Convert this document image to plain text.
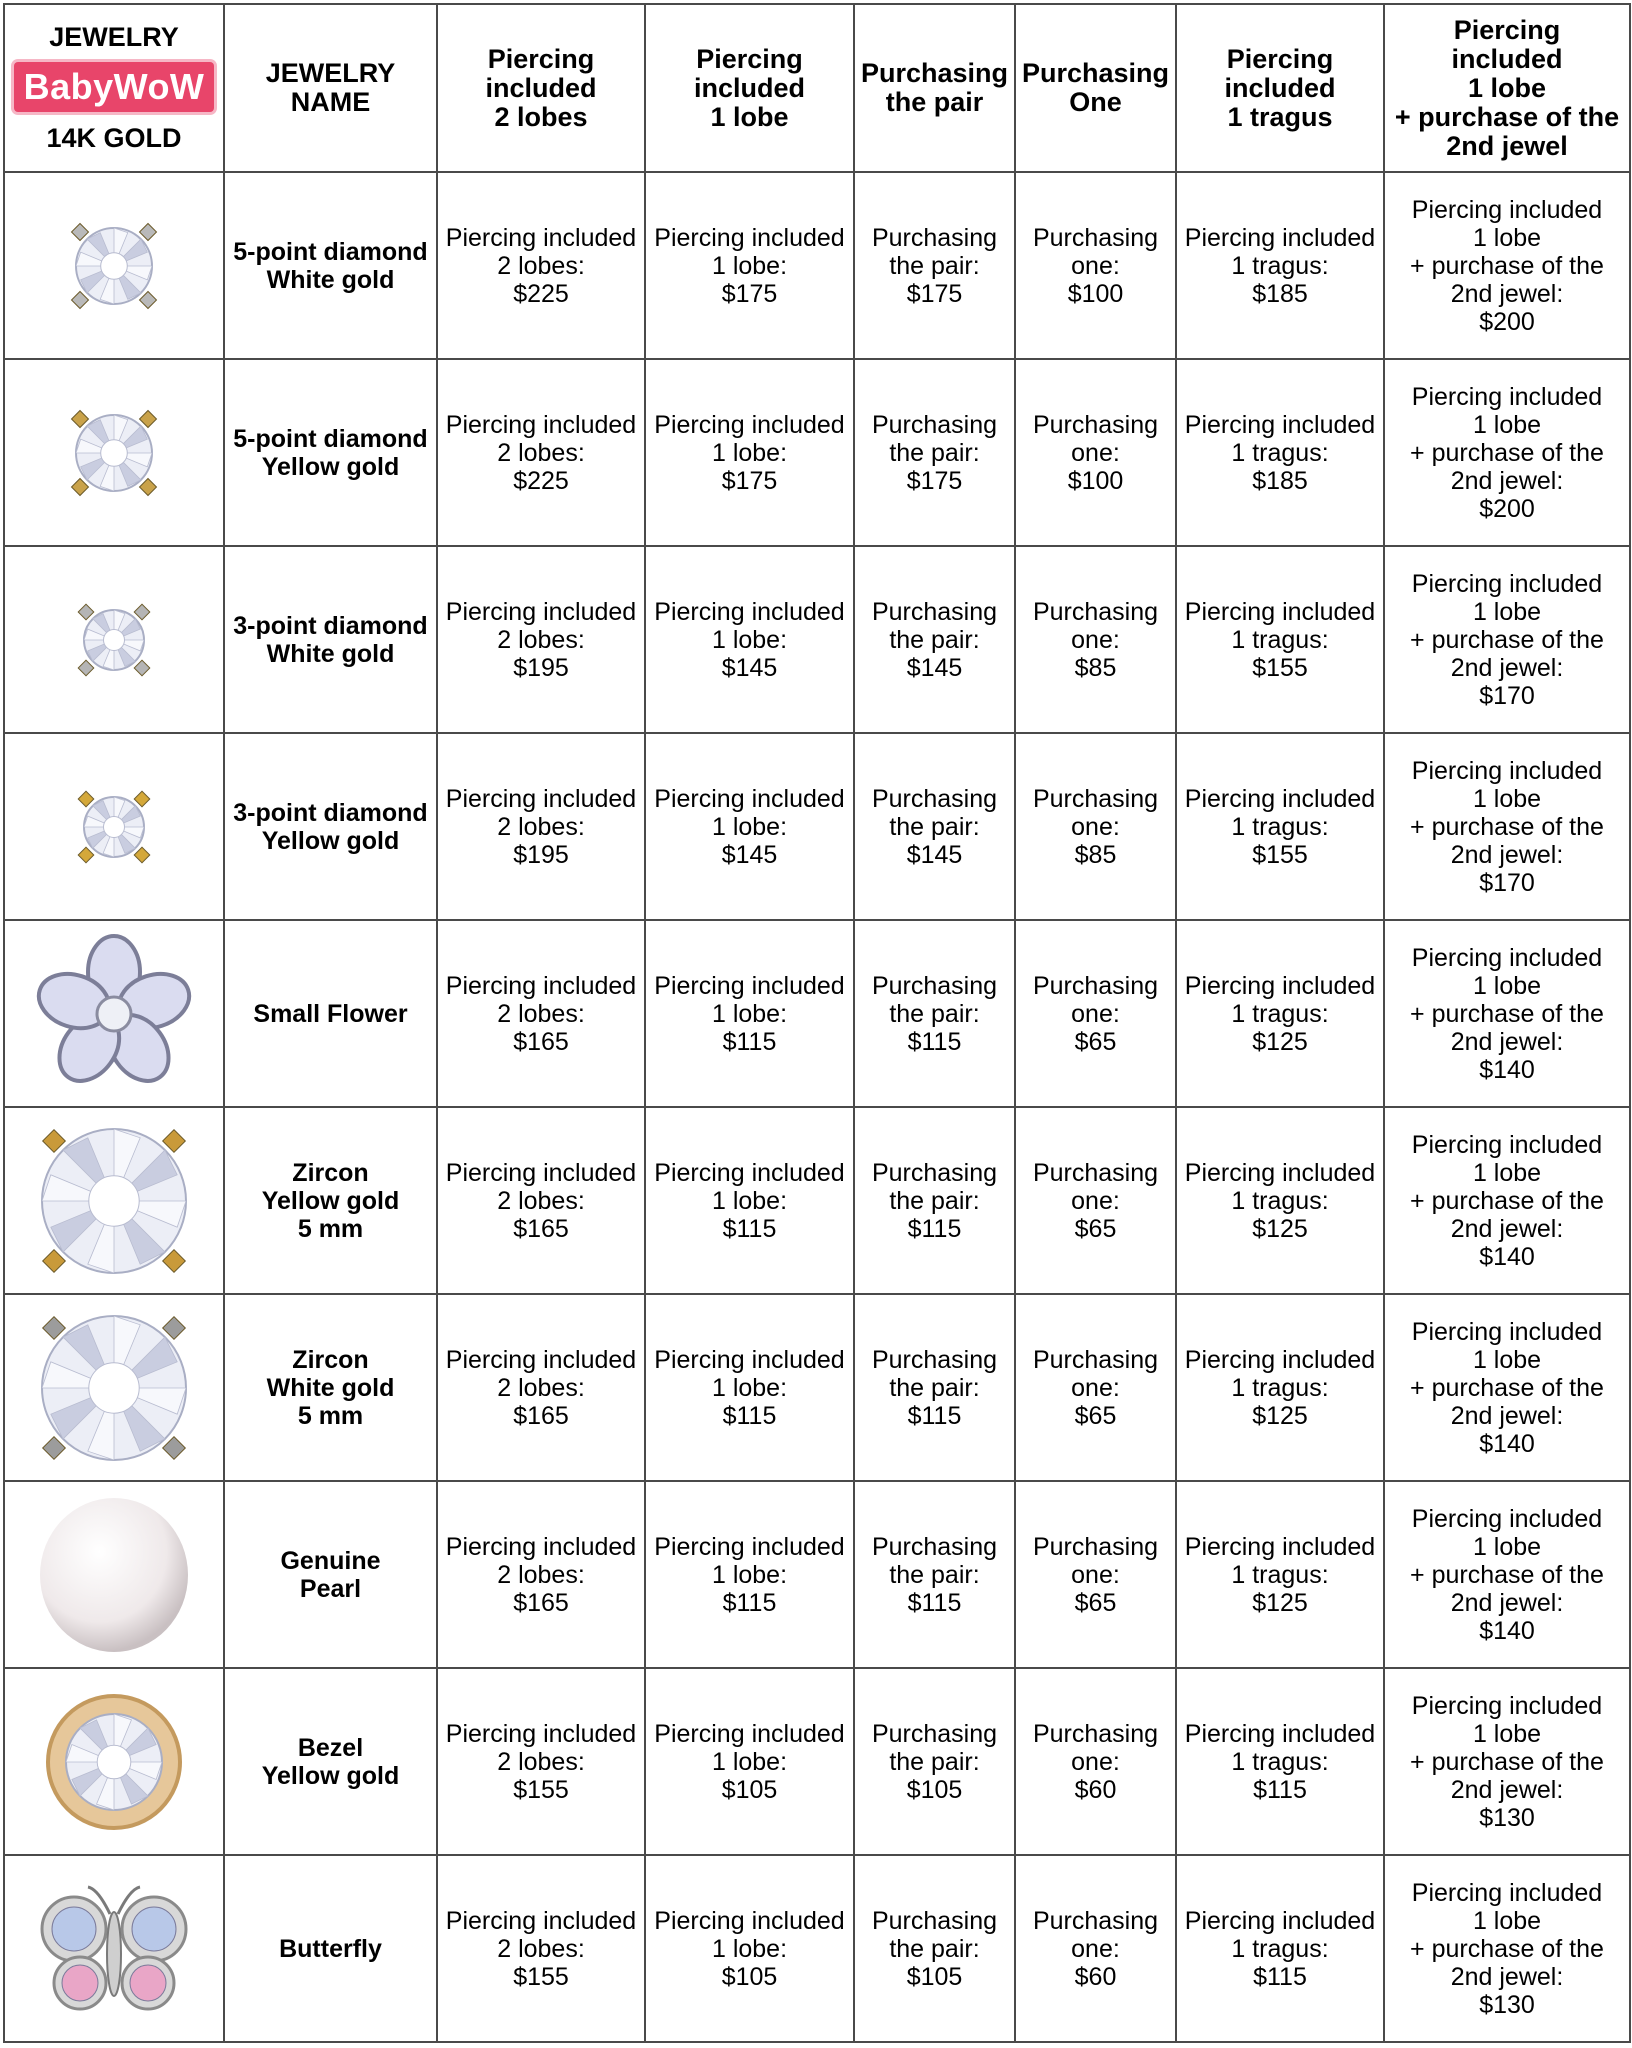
JEWELRY
BabyWoW
14K GOLD	JEWELRY
NAME	Piercing
included
2 lobes	Piercing
included
1 lobe	Purchasing
the pair	Purchasing
One	Piercing
included
1 tragus	Piercing
included
1 lobe
+ purchase of the
2nd jewel

5-point diamond
White gold	Piercing included
2 lobes:
$225	Piercing included
1 lobe:
$175	Purchasing
the pair:
$175	Purchasing
one:
$100	Piercing included
1 tragus:
$185	Piercing included
1 lobe
+ purchase of the
2nd jewel:
$200

5-point diamond
Yellow gold	Piercing included
2 lobes:
$225	Piercing included
1 lobe:
$175	Purchasing
the pair:
$175	Purchasing
one:
$100	Piercing included
1 tragus:
$185	Piercing included
1 lobe
+ purchase of the
2nd jewel:
$200

3-point diamond
White gold	Piercing included
2 lobes:
$195	Piercing included
1 lobe:
$145	Purchasing
the pair:
$145	Purchasing
one:
$85	Piercing included
1 tragus:
$155	Piercing included
1 lobe
+ purchase of the
2nd jewel:
$170

3-point diamond
Yellow gold	Piercing included
2 lobes:
$195	Piercing included
1 lobe:
$145	Purchasing
the pair:
$145	Purchasing
one:
$85	Piercing included
1 tragus:
$155	Piercing included
1 lobe
+ purchase of the
2nd jewel:
$170

Small Flower	Piercing included
2 lobes:
$165	Piercing included
1 lobe:
$115	Purchasing
the pair:
$115	Purchasing
one:
$65	Piercing included
1 tragus:
$125	Piercing included
1 lobe
+ purchase of the
2nd jewel:
$140

Zircon
Yellow gold
5 mm	Piercing included
2 lobes:
$165	Piercing included
1 lobe:
$115	Purchasing
the pair:
$115	Purchasing
one:
$65	Piercing included
1 tragus:
$125	Piercing included
1 lobe
+ purchase of the
2nd jewel:
$140

Zircon
White gold
5 mm	Piercing included
2 lobes:
$165	Piercing included
1 lobe:
$115	Purchasing
the pair:
$115	Purchasing
one:
$65	Piercing included
1 tragus:
$125	Piercing included
1 lobe
+ purchase of the
2nd jewel:
$140

Genuine
Pearl	Piercing included
2 lobes:
$165	Piercing included
1 lobe:
$115	Purchasing
the pair:
$115	Purchasing
one:
$65	Piercing included
1 tragus:
$125	Piercing included
1 lobe
+ purchase of the
2nd jewel:
$140

Bezel
Yellow gold	Piercing included
2 lobes:
$155	Piercing included
1 lobe:
$105	Purchasing
the pair:
$105	Purchasing
one:
$60	Piercing included
1 tragus:
$115	Piercing included
1 lobe
+ purchase of the
2nd jewel:
$130

Butterfly	Piercing included
2 lobes:
$155	Piercing included
1 lobe:
$105	Purchasing
the pair:
$105	Purchasing
one:
$60	Piercing included
1 tragus:
$115	Piercing included
1 lobe
+ purchase of the
2nd jewel:
$130
